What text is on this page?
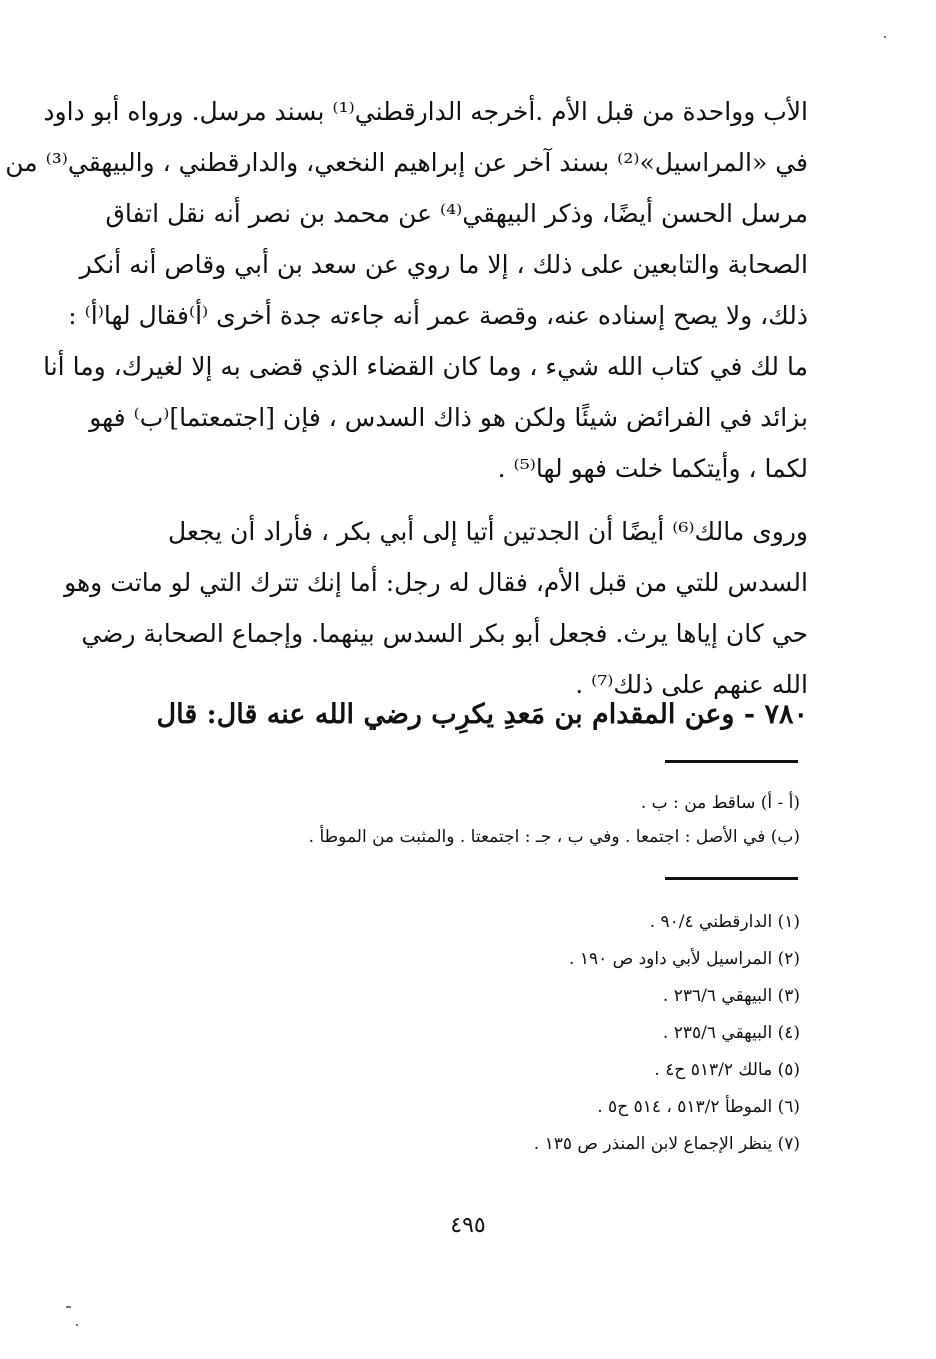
الأب وواحدة من قبل الأم .أخرجه الدارقطني⁽¹⁾ بسند مرسل. ورواه أبو داود
في «المراسيل»⁽²⁾ بسند آخر عن إبراهيم النخعي، والدارقطني ، والبيهقي⁽³⁾ من
مرسل الحسن أيضًا، وذكر البيهقي⁽⁴⁾ عن محمد بن نصر أنه نقل اتفاق
الصحابة والتابعين على ذلك ، إلا ما روي عن سعد بن أبي وقاص أنه أنكر
ذلك، ولا يصح إسناده عنه، وقصة عمر أنه جاءته جدة أخرى ⁽أ⁾فقال لها⁽أ⁾ :
ما لك في كتاب الله شيء ، وما كان القضاء الذي قضى به إلا لغيرك، وما أنا
بزائد في الفرائض شيئًا ولكن هو ذاك السدس ، فإن [اجتمعتما]⁽ب⁾ فهو
لكما ، وأيتكما خلت فهو لها⁽⁵⁾ .
وروى مالك⁽⁶⁾ أيضًا أن الجدتين أتيا إلى أبي بكر ، فأراد أن يجعل
السدس للتي من قبل الأم، فقال له رجل: أما إنك تترك التي لو ماتت وهو
حي كان إياها يرث. فجعل أبو بكر السدس بينهما. وإجماع الصحابة رضي
الله عنهم على ذلك⁽⁷⁾ .
٧٨٠ - وعن المقدام بن مَعدِ يكرِب رضي الله عنه قال: قال
(أ - أ) ساقط من : ب .
(ب) في الأصل : اجتمعا . وفي ب ، جـ : اجتمعتا . والمثبت من الموطأ .
(١) الدارقطني ٩٠/٤ .
(٢) المراسيل لأبي داود ص ١٩٠ .
(٣) البيهقي ٢٣٦/٦ .
(٤) البيهقي ٢٣٥/٦ .
(٥) مالك ٥١٣/٢ ح٤ .
(٦) الموطأ ٥١٣/٢ ، ٥١٤ ح٥ .
(٧) ينظر الإجماع لابن المنذر ص ١٣٥ .
٤٩٥
